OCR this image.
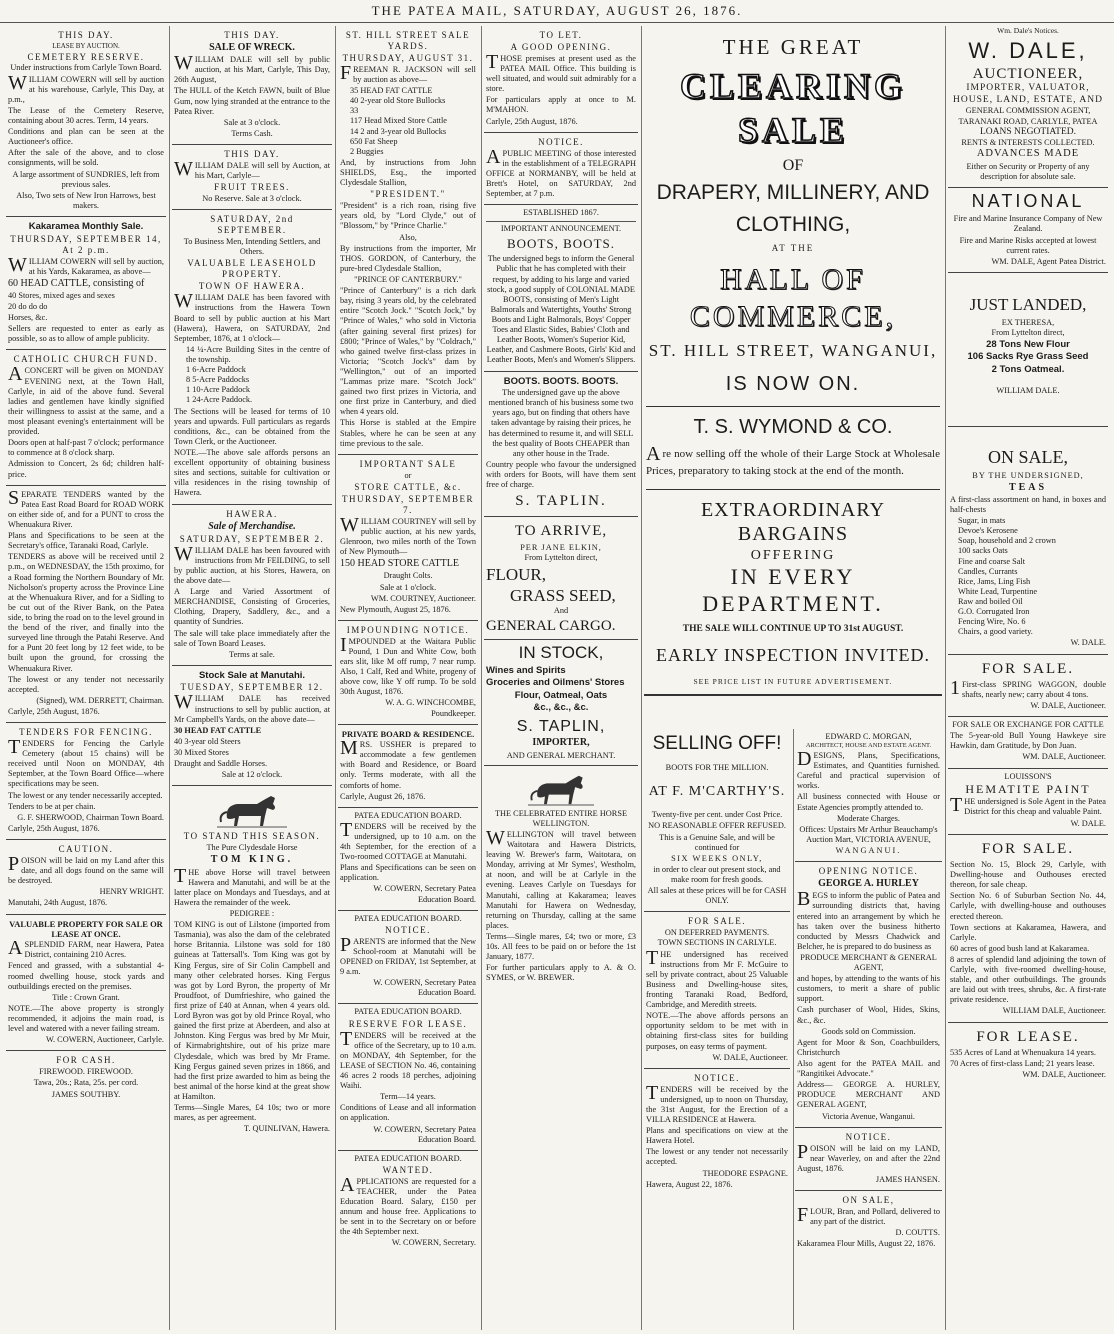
THE PATEA MAIL, SATURDAY, AUGUST 26, 1876.
THIS DAY.
LEASE BY AUCTION.
CEMETERY RESERVE.

Under instructions from Carlyle Town Board.

WILLIAM COWERN will sell by auction at his warehouse, Carlyle, This Day, at p.m.,

The Lease of the Cemetery Reserve, containing about 30 acres. Term, 14 years.

Conditions and plan can be seen at the Auctioneer's office.

After the sale of the above, and to close consignments, will be sold.

A large assortment of SUNDRIES, left from previous sales.

Also, Two sets of New Iron Harrows, best makers.

Kakaramea Monthly Sale.
THURSDAY, SEPTEMBER 14, At 2 p.m.

WILLIAM COWERN will sell by auction, at his Yards, Kakaramea, as above—

60 HEAD CATTLE, consisting of

40 Stores, mixed ages and sexes

20 do do do

Horses, &c.

Sellers are requested to enter as early as possible, so as to allow of ample publicity.

CATHOLIC CHURCH FUND.

ACONCERT will be given on MONDAY EVENING next, at the Town Hall, Carlyle, in aid of the above fund. Several ladies and gentlemen have kindly signified their willingness to assist at the same, and a most pleasant evening's entertainment will be provided.

Doors open at half-past 7 o'clock; performance to commence at 8 o'clock sharp.

Admission to Concert, 2s 6d; children half-price.

SEPARATE TENDERS wanted by the Patea East Road Board for ROAD WORK on either side of, and for a PUNT to cross the Whenuakura River.

Plans and Specifications to be seen at the Secretary's office, Taranaki Road, Carlyle.

TENDERS as above will be received until 2 p.m., on WEDNESDAY, the 15th proximo, for a Road forming the Northern Boundary of Mr. Nicholson's property across the Province Line at the Whenuakura River, and for a Sidling to be cut out of the River Bank, on the Patea side, to bring the road on to the level ground in the bend of the river, and finally into the surveyed line through the Patahi Reserve. And for a Punt 20 feet long by 12 feet wide, to be built upon the ground, for crossing the Whenuakura River.

The lowest or any tender not necessarily accepted.

(Signed), WM. DERRETT, Chairman.

Carlyle, 25th August, 1876.

TENDERS FOR FENCING.

TENDERS for Fencing the Carlyle Cemetery (about 15 chains) will be received until Noon on MONDAY, 4th September, at the Town Board Office—where specifications may be seen.

The lowest or any tender necessarily accepted.

Tenders to be at per chain.

G. F. SHERWOOD, Chairman Town Board.

Carlyle, 25th August, 1876.

CAUTION.

POISON will be laid on my Land after this date, and all dogs found on the same will be destroyed.

HENRY WRIGHT.

Manutahi, 24th August, 1876.

VALUABLE PROPERTY FOR SALE OR LEASE AT ONCE.

ASPLENDID FARM, near Hawera, Patea District, containing 210 Acres.

Fenced and grassed, with a substantial 4-roomed dwelling house, stock yards and outbuildings erected on the premises.

Title : Crown Grant.

NOTE.—The above property is strongly recommended, it adjoins the main road, is level and watered with a never failing stream.

W. COWERN, Auctioneer, Carlyle.

FOR CASH.

FIREWOOD. FIREWOOD.

Tawa, 20s.; Rata, 25s. per cord.

JAMES SOUTHBY.

THIS DAY.
SALE OF WRECK.

WILLIAM DALE will sell by public auction, at his Mart, Carlyle, This Day, 26th August,

The HULL of the Ketch FAWN, built of Blue Gum, now lying stranded at the entrance to the Patea River.

Sale at 3 o'clock.

Terms Cash.

THIS DAY.

WILLIAM DALE will sell by Auction, at his Mart, Carlyle—

FRUIT TREES.

No Reserve. Sale at 3 o'clock.

SATURDAY, 2nd SEPTEMBER.
To Business Men, Intending Settlers, and Others.
VALUABLE LEASEHOLD PROPERTY.
TOWN OF HAWERA.

WILLIAM DALE has been favored with instructions from the Hawera Town Board to sell by public auction at his Mart (Hawera), Hawera, on SATURDAY, 2nd September, 1876, at 1 o'clock—

14 ¼-Acre Building Sites in the centre of the township.

1 6-Acre Paddock

8 5-Acre Paddocks

1 10-Acre Paddock

1 24-Acre Paddock.

The Sections will be leased for terms of 10 years and upwards. Full particulars as regards conditions, &c., can be obtained from the Town Clerk, or the Auctioneer.

NOTE.—The above sale affords persons an excellent opportunity of obtaining business sites and sections, suitable for cultivation or villa residences in the rising township of Hawera.

HAWERA.
Sale of Merchandise.
SATURDAY, SEPTEMBER 2.

WILLIAM DALE has been favoured with instructions from Mr FEILDING, to sell by public auction, at his Stores, Hawera, on the above date—

A Large and Varied Assortment of MERCHANDISE, Consisting of Groceries, Clothing, Drapery, Saddlery, &c., and a quantity of Sundries.

The sale will take place immediately after the sale of Town Board Leases.

Terms at sale.

Stock Sale at Manutahi.
TUESDAY, SEPTEMBER 12.

WILLIAM DALE has received instructions to sell by public auction, at Mr Campbell's Yards, on the above date—

30 HEAD FAT CATTLE

40 3-year old Steers

30 Mixed Stores

Draught and Saddle Horses.

Sale at 12 o'clock.

TO STAND THIS SEASON.
The Pure Clydesdale Horse
TOM KING.

THE above Horse will travel between Hawera and Manutahi, and will be at the latter place on Mondays and Tuesdays, and at Hawera the remainder of the week.

PEDIGREE :

TOM KING is out of Lilstone (imported from Tasmania), was also the dam of the celebrated horse Britannia. Lilstone was sold for 180 guineas at Tattersall's. Tom King was got by King Fergus, sire of Sir Colin Campbell and many other celebrated horses. King Fergus was got by Lord Byron, the property of Mr Proudfoot, of Dumfrieshire, who gained the first prize of £40 at Annan, when 4 years old. Lord Byron was got by old Prince Royal, who gained the first prize at Aberdeen, and also at Johnston. King Fergus was bred by Mr Muir, of Kirmabrightshire, out of his prize mare Clydesdale, which was bred by Mr Frame. King Fergus gained seven prizes in 1866, and had the first prize awarded to him as being the best animal of the horse kind at the great show at Hamilton.

Terms—Single Mares, £4 10s; two or more mares, as per agreement.

T. QUINLIVAN, Hawera.

ST. HILL STREET SALE YARDS.
THURSDAY, AUGUST 31.

FREEMAN R. JACKSON will sell by auction as above—

35 HEAD FAT CATTLE

40 2-year old Store Bullocks

33

117 Head Mixed Store Cattle

14 2 and 3-year old Bullocks

650 Fat Sheep

2 Buggies

And, by instructions from John SHIELDS, Esq., the imported Clydesdale Stallion,

"PRESIDENT."

"President" is a rich roan, rising five years old, by "Lord Clyde," out of "Blossom," by "Prince Charlie."

Also,

By instructions from the importer, Mr THOS. GORDON, of Canterbury, the pure-bred Clydesdale Stallion,

"PRINCE OF CANTERBURY."

"Prince of Canterbury" is a rich dark bay, rising 3 years old, by the celebrated entire "Scotch Jock." "Scotch Jock," by "Prince of Wales," who sold in Victoria (after gaining several first prizes) for £800; "Prince of Wales," by "Coldrach," who gained twelve first-class prizes in Victoria; "Scotch Jock's" dam by "Wellington," out of an imported "Lammas prize mare. "Scotch Jock" gained two first prizes in Victoria, and one first prize in Canterbury, and died when 4 years old.

This Horse is stabled at the Empire Stables, where he can be seen at any time previous to the sale.

IMPORTANT SALE
or
STORE CATTLE, &c.
THURSDAY, SEPTEMBER 7.

WILLIAM COURTNEY will sell by public auction, at his new yards, Glenroon, two miles north of the Town of New Plymouth—

150 HEAD STORE CATTLE

Draught Colts.

Sale at 1 o'clock.

WM. COURTNEY, Auctioneer.

New Plymouth, August 25, 1876.

IMPOUNDING NOTICE.

IMPOUNDED at the Waitara Public Pound, 1 Dun and White Cow, both ears slit, like M off rump, 7 near rump. Also, 1 Calf, Red and White, progeny of above cow, like Y off rump. To be sold 30th August, 1876.

W. A. G. WINCHCOMBE, Poundkeeper.

PRIVATE BOARD & RESIDENCE.

MRS. USSHER is prepared to accommodate a few gentlemen with Board and Residence, or Board only. Terms moderate, with all the comforts of home.

Carlyle, August 26, 1876.

PATEA EDUCATION BOARD.

TENDERS will be received by the undersigned, up to 10 a.m. on the 4th September, for the erection of a Two-roomed COTTAGE at Manutahi.

Plans and Specifications can be seen on application.

W. COWERN, Secretary Patea Education Board.

PATEA EDUCATION BOARD.
NOTICE.

PARENTS are informed that the New School-room at Manutahi will be OPENED on FRIDAY, 1st September, at 9 a.m.

W. COWERN, Secretary Patea Education Board.

PATEA EDUCATION BOARD.
RESERVE FOR LEASE.

TENDERS will be received at the office of the Secretary, up to 10 a.m. on MONDAY, 4th September, for the LEASE of SECTION No. 46, containing 46 acres 2 roods 18 perches, adjoining Waihi.

Term—14 years.

Conditions of Lease and all information on application.

W. COWERN, Secretary Patea Education Board.

PATEA EDUCATION BOARD.
WANTED.

APPLICATIONS are requested for a TEACHER, under the Patea Education Board. Salary, £150 per annum and house free. Applications to be sent in to the Secretary on or before the 4th September next.

W. COWERN, Secretary.

TO LET.
A GOOD OPENING.

THOSE premises at present used as the PATEA MAIL Office. This building is well situated, and would suit admirably for a store.

For particulars apply at once to M. M'MAHON.

Carlyle, 25th August, 1876.

NOTICE.

APUBLIC MEETING of those interested in the establishment of a TELEGRAPH OFFICE at NORMANBY, will be held at Brett's Hotel, on SATURDAY, 2nd September, at 7 p.m.

ESTABLISHED 1867.
IMPORTANT ANNOUNCEMENT.
BOOTS, BOOTS.

The undersigned begs to inform the General Public that he has completed with their request, by adding to his large and varied stock, a good supply of COLONIAL MADE BOOTS, consisting of Men's Light Balmorals and Watertights, Youths' Strong Boots and Light Balmorals, Boys' Copper Toes and Elastic Sides, Babies' Cloth and Leather Boots, Women's Superior Kid, Leather, and Cashmere Boots, Girls' Kid and Leather Boots, Men's and Women's Slippers.

BOOTS. BOOTS. BOOTS.

The undersigned gave up the above mentioned branch of his business some two years ago, but on finding that others have taken advantage by raising their prices, he has determined to resume it, and will SELL the best quality of Boots CHEAPER than any other house in the Trade.

Country people who favour the undersigned with orders for Boots, will have them sent free of charge.

S. TAPLIN.
TO ARRIVE,
PER JANE ELKIN,
From Lyttelton direct,
FLOUR,
GRASS SEED,
And
GENERAL CARGO.
IN STOCK,
Wines and Spirits
Groceries and Oilmens' Stores
Flour, Oatmeal, Oats
&c., &c., &c.
S. TAPLIN,
IMPORTER,
AND GENERAL MERCHANT.
THE CELEBRATED ENTIRE HORSE WELLINGTON.

WELLINGTON will travel between Waitotara and Hawera Districts, leaving W. Brewer's farm, Waitotara, on Monday, arriving at Mr Symes', Westholm, at noon, and will be at Carlyle in the evening. Leaves Carlyle on Tuesdays for Manutahi, calling at Kakaramea; leaves Manutahi for Hawera on Wednesday, returning on Thursday, calling at the same places.

Terms—Single mares, £4; two or more, £3 10s. All fees to be paid on or before the 1st January, 1877.

For further particulars apply to A. & O. SYMES, or W. BREWER.

THE GREAT
CLEARING SALE
OF
DRAPERY, MILLINERY, AND
CLOTHING,
AT THE
HALL OF COMMERCE,
ST. HILL STREET, WANGANUI,
IS NOW ON.
T. S. WYMOND & CO.

Are now selling off the whole of their Large Stock at Wholesale Prices, preparatory to taking stock at the end of the month.

EXTRAORDINARY BARGAINS
OFFERING
IN EVERY DEPARTMENT.
THE SALE WILL CONTINUE UP TO 31st AUGUST.
EARLY INSPECTION INVITED.
SEE PRICE LIST IN FUTURE ADVERTISEMENT.
SELLING OFF!
BOOTS FOR THE MILLION.
AT F. M'CARTHY'S.

Twenty-five per cent. under Cost Price.

NO REASONABLE OFFER REFUSED.

This is a Genuine Sale, and will be continued for

SIX WEEKS ONLY,

in order to clear out present stock, and make room for fresh goods.

All sales at these prices will be for CASH ONLY.

FOR SALE.
ON DEFERRED PAYMENTS.
TOWN SECTIONS IN CARLYLE.

THE undersigned has received instructions from Mr F. McGuire to sell by private contract, about 25 Valuable Business and Dwelling-house sites, fronting Taranaki Road, Bedford, Cambridge, and Meredith streets.

NOTE.—The above affords persons an opportunity seldom to be met with in obtaining first-class sites for building purposes, on easy terms of payment.

W. DALE, Auctioneer.

NOTICE.

TENDERS will be received by the undersigned, up to noon on Thursday, the 31st August, for the Erection of a VILLA RESIDENCE at Hawera.

Plans and specifications on view at the Hawera Hotel.

The lowest or any tender not necessarily accepted.

THEODORE ESPAGNE.

Hawera, August 22, 1876.

EDWARD C. MORGAN,
ARCHITECT, HOUSE AND ESTATE AGENT.

DESIGNS, Plans, Specifications, Estimates, and Quantities furnished. Careful and practical supervision of works.

All business connected with House or Estate Agencies promptly attended to.

Moderate Charges.

Offices: Upstairs Mr Arthur Beauchamp's Auction Mart, VICTORIA AVENUE,

WANGANUI.

OPENING NOTICE.
GEORGE A. HURLEY

BEGS to inform the public of Patea and surrounding districts that, having entered into an arrangement by which he has taken over the business hitherto conducted by Messrs Chadwick and Belcher, he is prepared to do business as

PRODUCE MERCHANT & GENERAL AGENT,

and hopes, by attending to the wants of his customers, to merit a share of public support.

Cash purchaser of Wool, Hides, Skins, &c., &c.

Goods sold on Commission.

Agent for Moor & Son, Coachbuilders, Christchurch

Also agent for the PATEA MAIL and "Rangitikei Advocate."

Address— GEORGE A. HURLEY, PRODUCE MERCHANT AND GENERAL AGENT,

Victoria Avenue, Wanganui.

NOTICE.

POISON will be laid on my LAND, near Waverley, on and after the 22nd August, 1876.

JAMES HANSEN.

ON SALE,

FLOUR, Bran, and Pollard, delivered to any part of the district.

D. COUTTS.

Kakaramea Flour Mills, August 22, 1876.

Wm. Dale's Notices.
W. DALE,
AUCTIONEER,
IMPORTER, VALUATOR,
HOUSE, LAND, ESTATE, AND
GENERAL COMMISSION AGENT,
TARANAKI ROAD, CARLYLE, PATEA
LOANS NEGOTIATED.
RENTS & INTERESTS COLLECTED.
ADVANCES MADE

Either on Security or Property of any description for absolute sale.

NATIONAL

Fire and Marine Insurance Company of New Zealand.

Fire and Marine Risks accepted at lowest current rates.

WM. DALE, Agent Patea District.

JUST LANDED,
EX THERESA,
From Lyttelton direct,
28 Tons New Flour
106 Sacks Rye Grass Seed
2 Tons Oatmeal.
WILLIAM DALE.
ON SALE,
BY THE UNDERSIGNED,
TEAS

A first-class assortment on hand, in boxes and half-chests

Sugar, in mats

Devoe's Kerosene

Soap, household and 2 crown

100 sacks Oats

Fine and coarse Salt

Candles, Currants

Rice, Jams, Ling Fish

White Lead, Turpentine

Raw and boiled Oil

G.O. Corrugated Iron

Fencing Wire, No. 6

Chairs, a good variety.

W. DALE.

FOR SALE.

1First-class SPRING WAGGON, double shafts, nearly new; carry about 4 tons.

W. DALE, Auctioneer.

FOR SALE OR EXCHANGE FOR CATTLE

The 5-year-old Bull Young Hawkeye sire Hawkin, dam Gratitude, by Don Juan.

WM. DALE, Auctioneer.

LOUISSON'S
HEMATITE PAINT

THE undersigned is Sole Agent in the Patea District for this cheap and valuable Paint.

W. DALE.

FOR SALE.

Section No. 15, Block 29, Carlyle, with Dwelling-house and Outhouses erected thereon, for sale cheap.

Section No. 6 of Suburban Section No. 44, Carlyle, with dwelling-house and outhouses erected thereon.

Town sections at Kakaramea, Hawera, and Carlyle.

60 acres of good bush land at Kakaramea.

8 acres of splendid land adjoining the town of Carlyle, with five-roomed dwelling-house, stable, and other outbuildings. The grounds are laid out with trees, shrubs, &c. A first-rate private residence.

WILLIAM DALE, Auctioneer.

FOR LEASE.

535 Acres of Land at Whenuakura 14 years.

70 Acres of first-class Land; 21 years lease.

WM. DALE, Auctioneer.
